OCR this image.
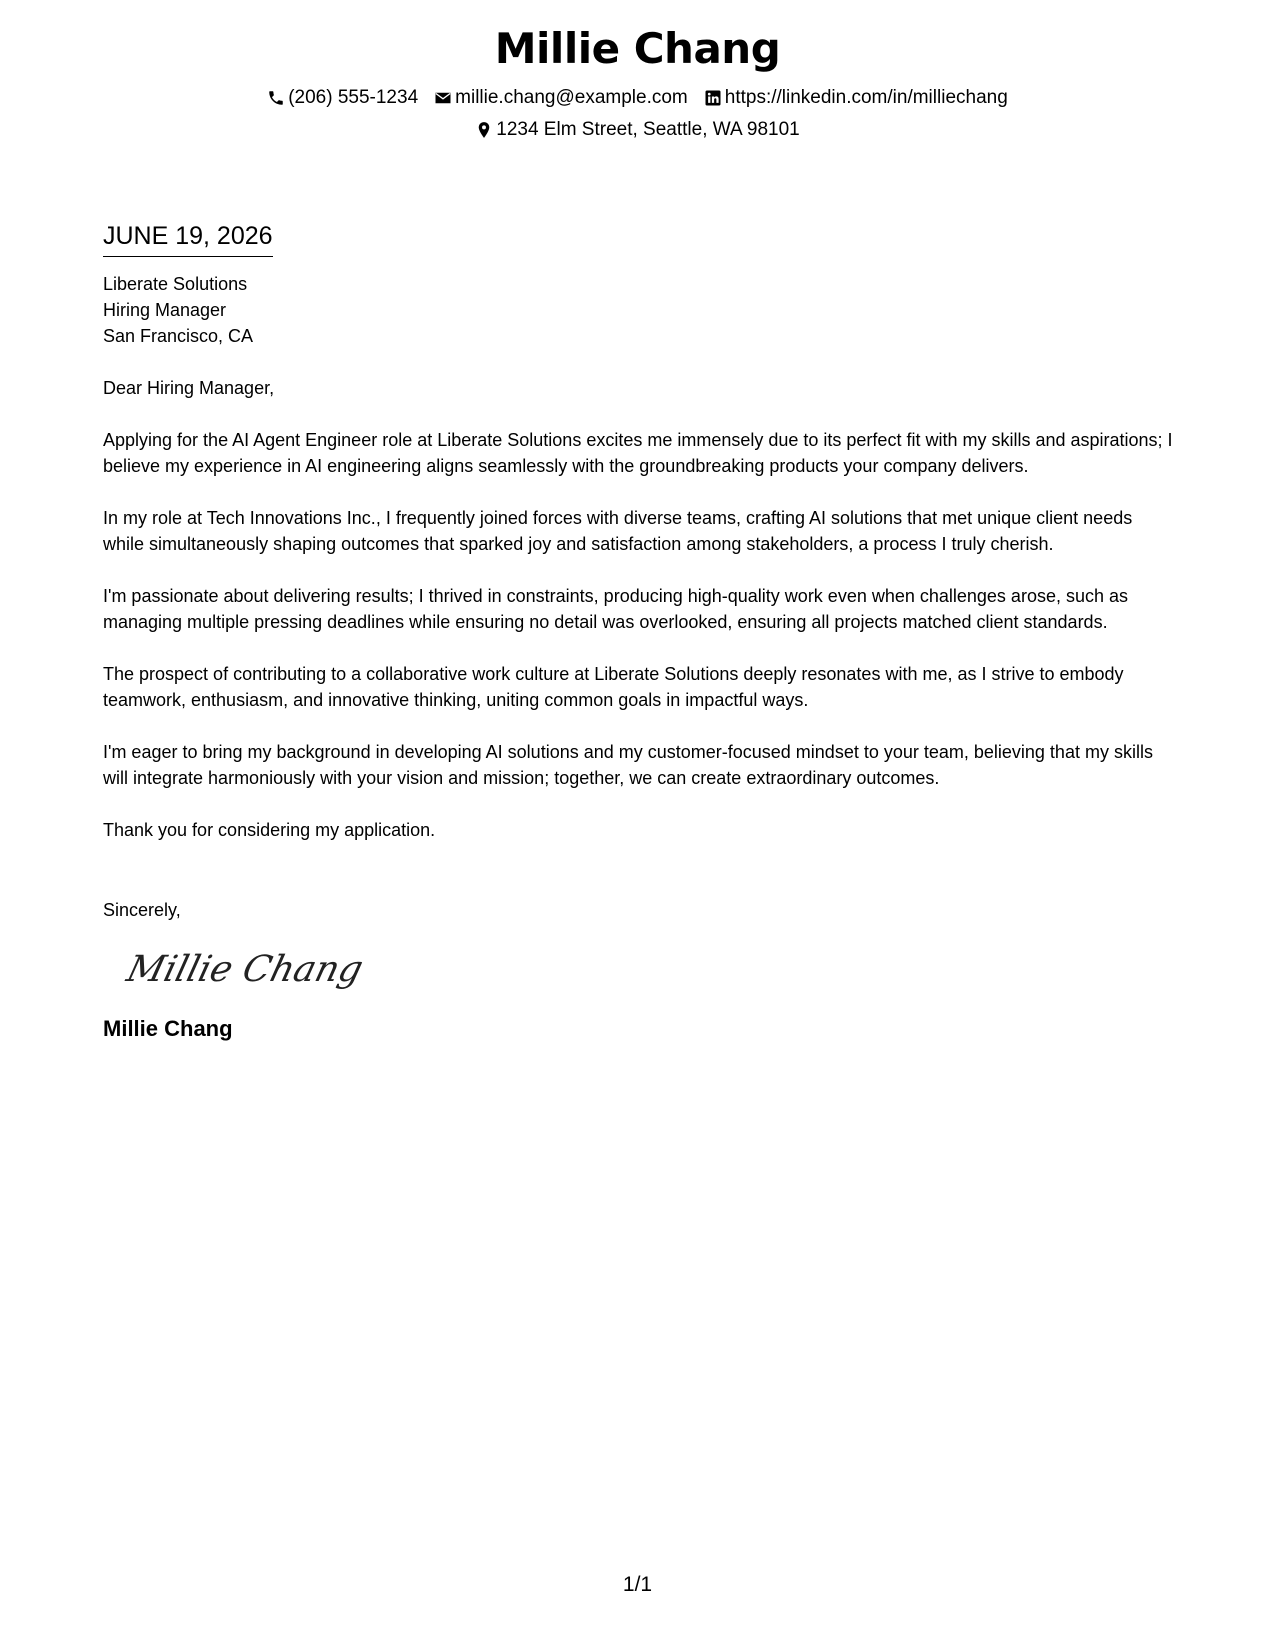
Millie Chang
(206) 555-1234 millie.chang@example.com https://linkedin.com/in/milliechang
1234 Elm Street, Seattle, WA 98101
JUNE 19, 2026
Liberate Solutions
Hiring Manager
San Francisco, CA
Dear Hiring Manager,

Applying for the AI Agent Engineer role at Liberate Solutions excites me immensely due to its perfect fit with my skills and aspirations; I believe my experience in AI engineering aligns seamlessly with the groundbreaking products your company delivers.

In my role at Tech Innovations Inc., I frequently joined forces with diverse teams, crafting AI solutions that met unique client needs while simultaneously shaping outcomes that sparked joy and satisfaction among stakeholders, a process I truly cherish.

I'm passionate about delivering results; I thrived in constraints, producing high-quality work even when challenges arose, such as managing multiple pressing deadlines while ensuring no detail was overlooked, ensuring all projects matched client standards.

The prospect of contributing to a collaborative work culture at Liberate Solutions deeply resonates with me, as I strive to embody teamwork, enthusiasm, and innovative thinking, uniting common goals in impactful ways.

I'm eager to bring my background in developing AI solutions and my customer-focused mindset to your team, believing that my skills will integrate harmoniously with your vision and mission; together, we can create extraordinary outcomes.

Thank you for considering my application.

Sincerely,
Millie Chang
Millie Chang
1/1
